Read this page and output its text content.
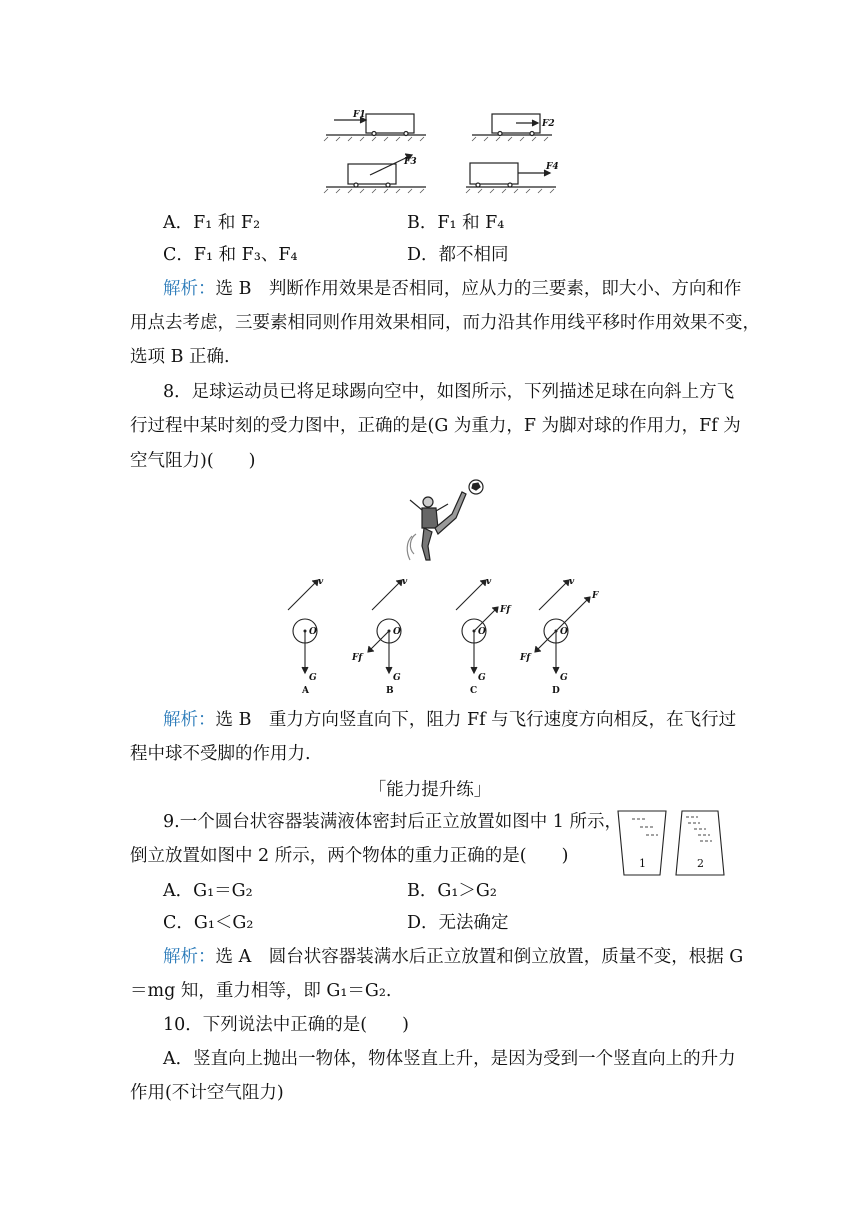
F1
F2
F3	F4
A．F₁ 和 F₂	B．F₁ 和 F₄
C．F₁ 和 F₃、F₄	D．都不相同
解析：选 B　判断作用效果是否相同，应从力的三要素，即大小、方向和作
用点去考虑，三要素相同则作用效果相同，而力沿其作用线平移时作用效果不变，
选项 B 正确.
8．足球运动员已将足球踢向空中，如图所示，下列描述足球在向斜上方飞
行过程中某时刻的受力图中，正确的是(G 为重力，F 为脚对球的作用力，Ff 为
空气阻力)(　　)
v
O
G
A
v
O
G
Ff
B
v
O
G
Ff
C
v
O
G
Ff
F
D
解析：选 B　重力方向竖直向下，阻力 Ff 与飞行速度方向相反，在飞行过
程中球不受脚的作用力.
「能力提升练」
9.一个圆台状容器装满液体密封后正立放置如图中 1 所示，
倒立放置如图中 2 所示，两个物体的重力正确的是(　　)	1	2
A．G₁＝G₂	B．G₁＞G₂
C．G₁＜G₂	D．无法确定
解析：选 A　圆台状容器装满水后正立放置和倒立放置，质量不变，根据 G
＝mg 知，重力相等，即 G₁＝G₂.
10．下列说法中正确的是(　　)
A．竖直向上抛出一物体，物体竖直上升，是因为受到一个竖直向上的升力
作用(不计空气阻力)
